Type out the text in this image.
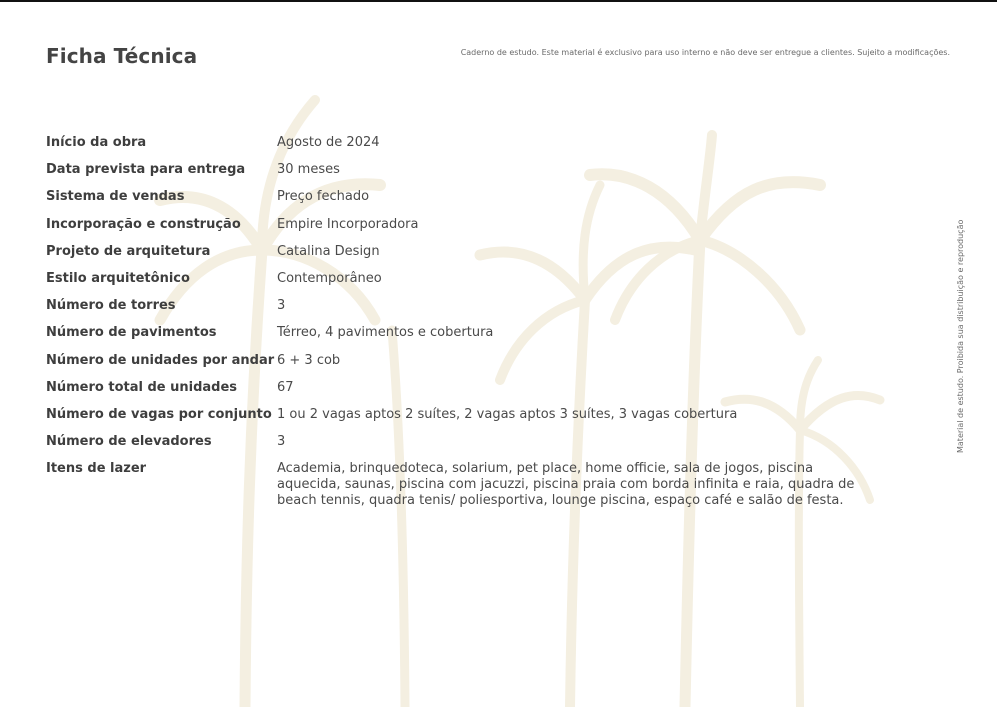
Ficha Técnica	Caderno de estudo. Este material é exclusivo para uso interno e não deve ser entregue a clientes. Sujeito a modificações.
Material de estudo. Proibida sua distribuição e reprodução
Início da obra	Agosto de 2024
Data prevista para entrega	30 meses
Sistema de vendas	Preço fechado
Incorporação e construção	Empire Incorporadora
Projeto de arquitetura	Catalina Design
Estilo arquitetônico	Contemporâneo
Número de torres	3
Número de pavimentos	Térreo, 4 pavimentos e cobertura
Número de unidades por andar 6 + 3 cob
Número total de unidades	67
Número de vagas por conjunto 1 ou 2 vagas aptos 2 suítes, 2 vagas aptos 3 suítes, 3 vagas cobertura
Número de elevadores	3
Itens de lazer	Academia, brinquedoteca, solarium, pet place, home officie, sala de jogos, piscina aquecida, saunas, piscina com jacuzzi, piscina praia com borda infinita e raia, quadra de beach tennis, quadra tenis/ poliesportiva, lounge piscina, espaço café e salão de festa.
